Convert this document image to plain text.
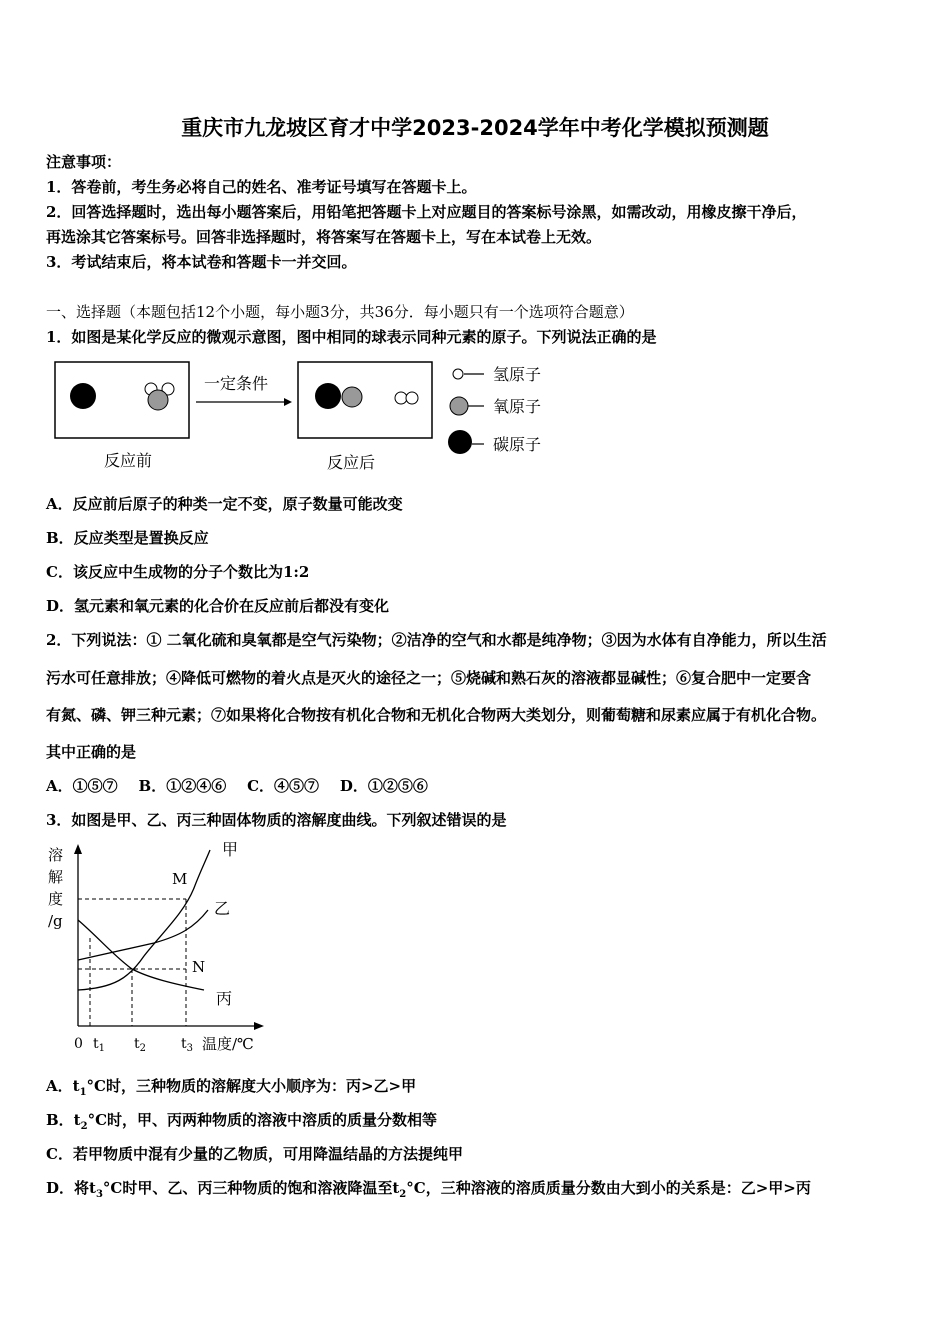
重庆市九龙坡区育才中学2023-2024学年中考化学模拟预测题
注意事项：
1．答卷前，考生务必将自己的姓名、准考证号填写在答题卡上。
2．回答选择题时，选出每小题答案后，用铅笔把答题卡上对应题目的答案标号涂黑，如需改动，用橡皮擦干净后，
再选涂其它答案标号。回答非选择题时，将答案写在答题卡上，写在本试卷上无效。
3．考试结束后，将本试卷和答题卡一并交回。
一、选择题（本题包括12个小题，每小题3分，共36分．每小题只有一个选项符合题意）
1．如图是某化学反应的微观示意图，图中相同的球表示同种元素的原子。下列说法正确的是
一定条件
反应前	反应后
氢原子
氧原子
碳原子
A．反应前后原子的种类一定不变，原子数量可能改变
B．反应类型是置换反应
C．该反应中生成物的分子个数比为1:2
D．氢元素和氧元素的化合价在反应前后都没有变化
2．下列说法：① 二氧化硫和臭氧都是空气污染物；②洁净的空气和水都是纯净物；③因为水体有自净能力，所以生活
污水可任意排放；④降低可燃物的着火点是灭火的途径之一；⑤烧碱和熟石灰的溶液都显碱性；⑥复合肥中一定要含
有氮、磷、钾三种元素；⑦如果将化合物按有机化合物和无机化合物两大类划分，则葡萄糖和尿素应属于有机化合物。
其中正确的是
A．①⑤⑦    B．①②④⑥    C．④⑤⑦    D．①②⑤⑥
3．如图是甲、乙、丙三种固体物质的溶解度曲线。下列叙述错误的是
溶
解
度
/g
甲
乙
丙
M
N
0 $t_1$ $t_2$ $t_3$ 温度/℃
A．$t_1^\circ C$时，三种物质的溶解度大小顺序为：丙>乙>甲
B．$t_2^\circ C$时，甲、丙两种物质的溶液中溶质的质量分数相等
C．若甲物质中混有少量的乙物质，可用降温结晶的方法提纯甲
D．将$t_3^\circ C$时甲、乙、丙三种物质的饱和溶液降温至$t_2^\circ C$，三种溶液的溶质质量分数由大到小的关系是：乙>甲>丙
